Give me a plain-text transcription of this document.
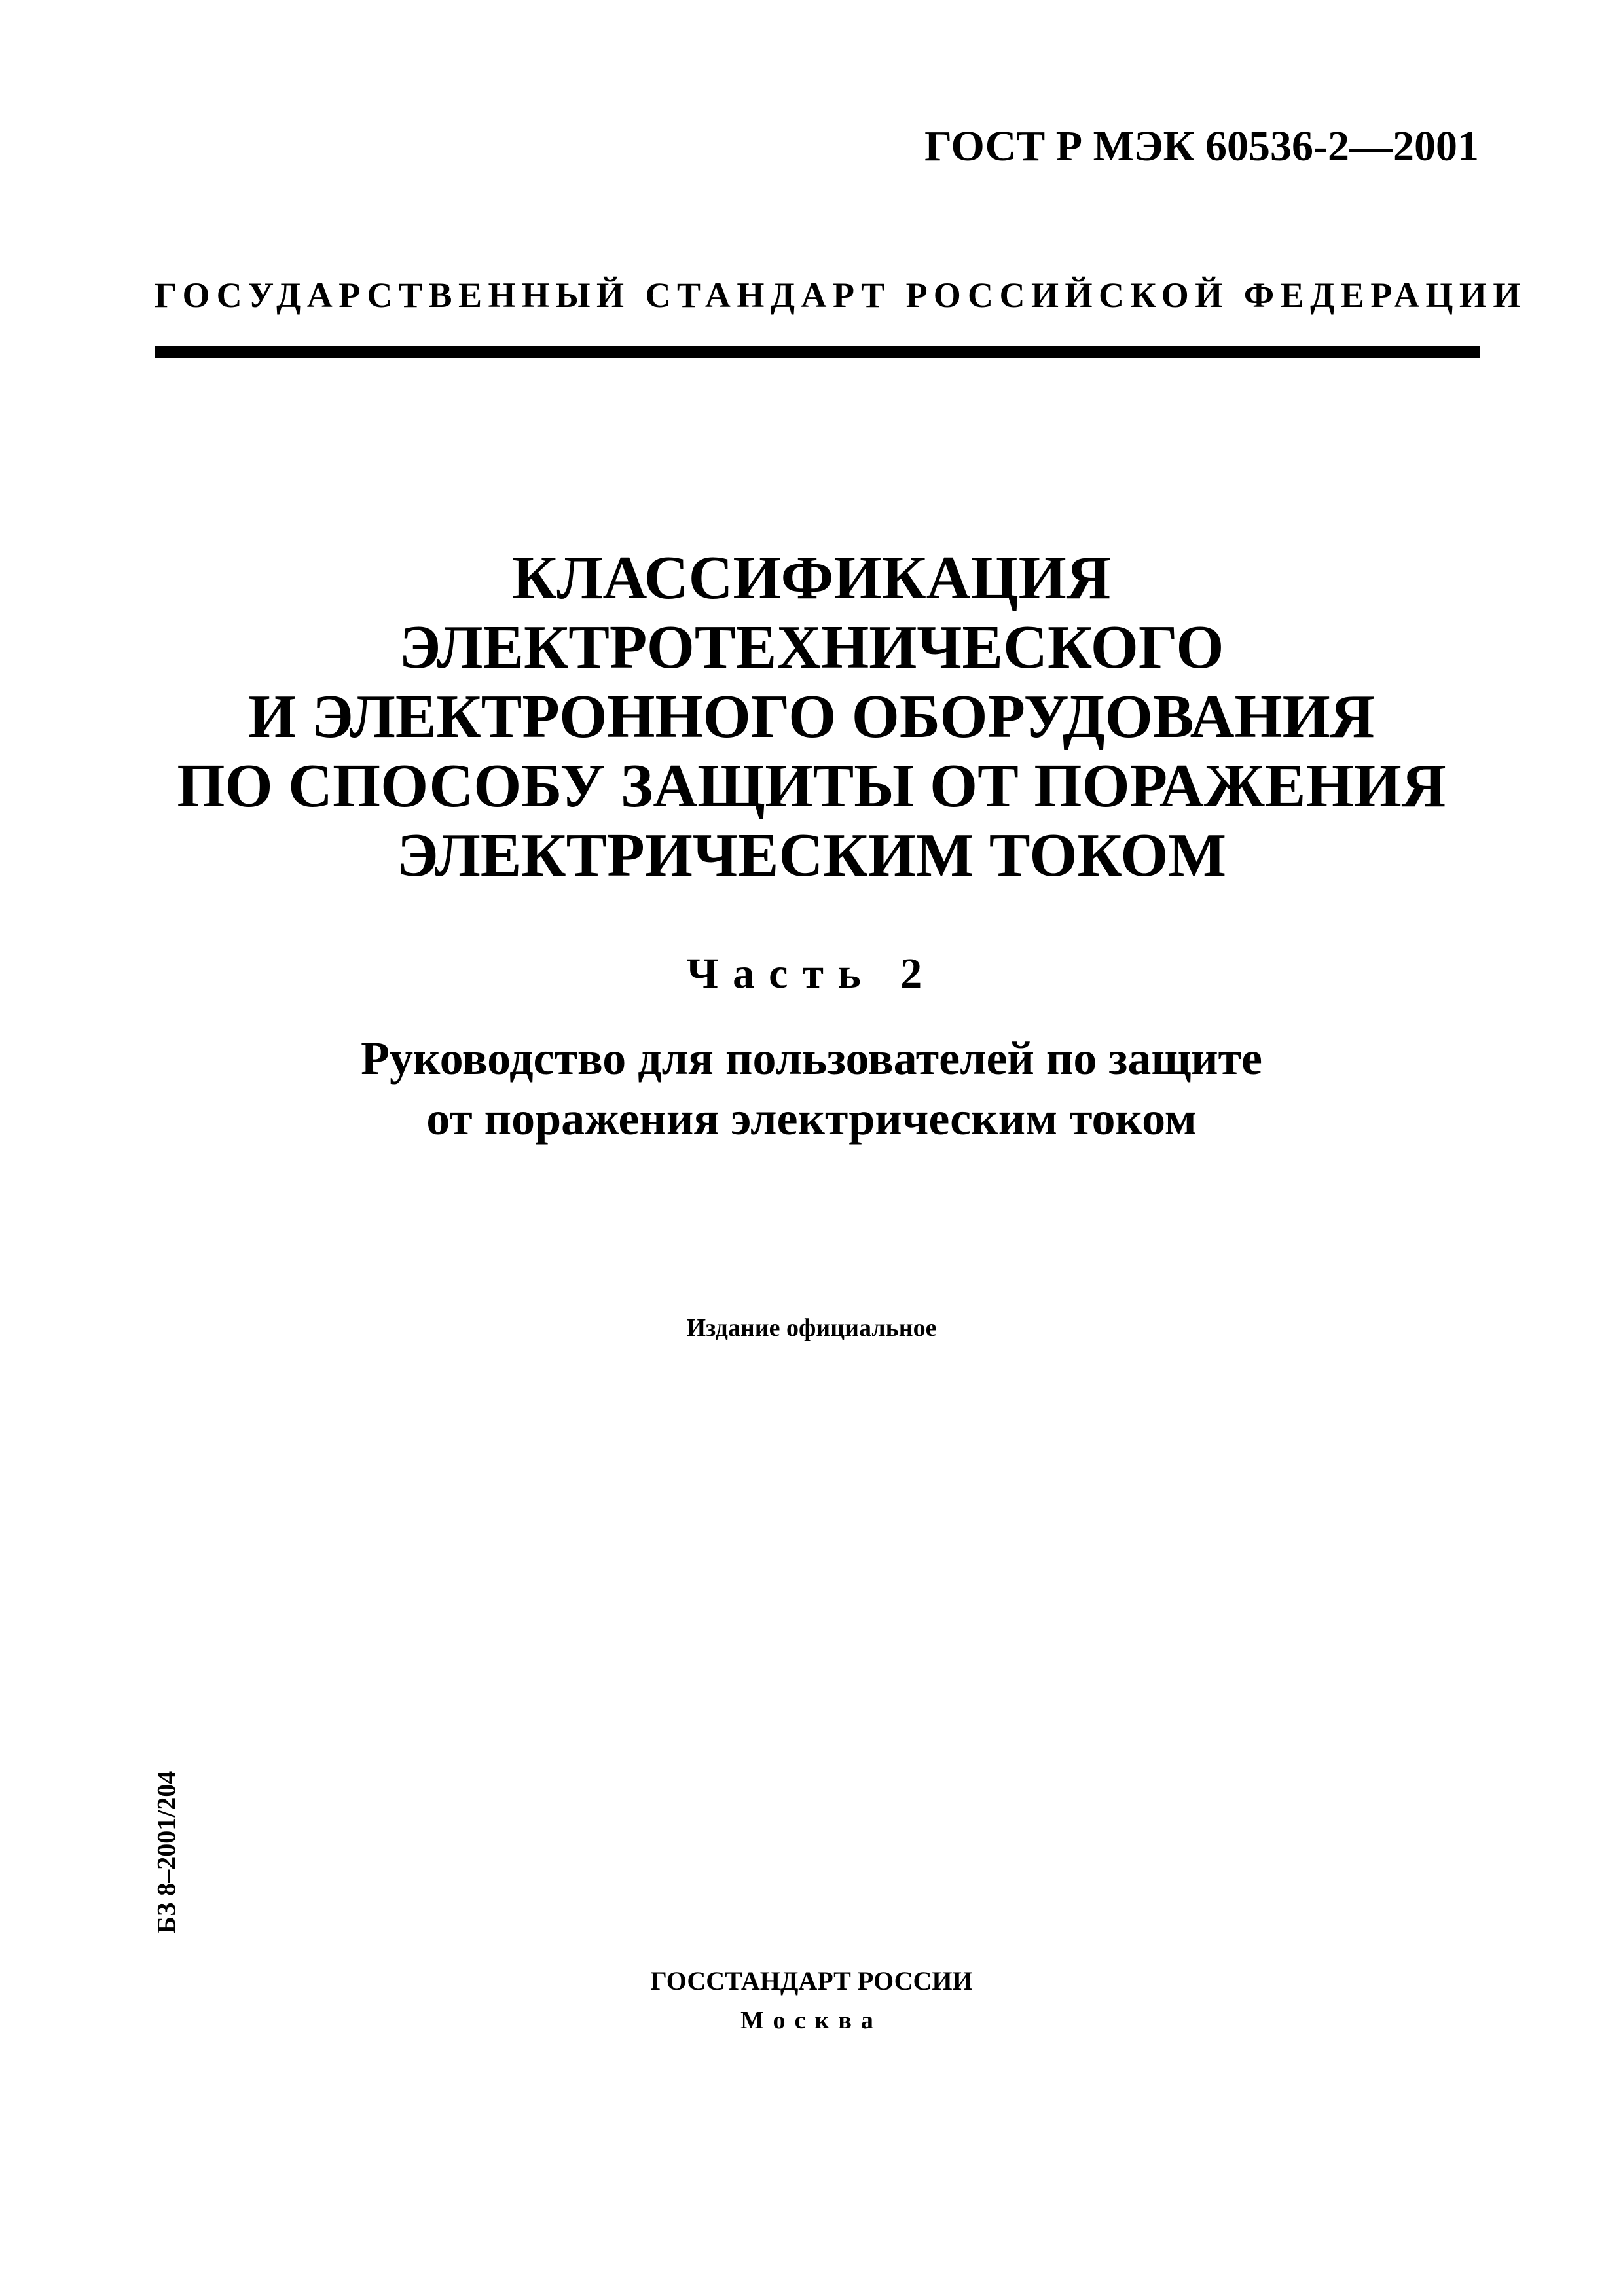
ГОСТ Р МЭК 60536-2—2001
ГОСУДАРСТВЕННЫЙ СТАНДАРТ РОССИЙСКОЙ ФЕДЕРАЦИИ
КЛАССИФИКАЦИЯ
ЭЛЕКТРОТЕХНИЧЕСКОГО
И ЭЛЕКТРОННОГО ОБОРУДОВАНИЯ
ПО СПОСОБУ ЗАЩИТЫ ОТ ПОРАЖЕНИЯ
ЭЛЕКТРИЧЕСКИМ ТОКОМ
Часть 2
Руководство для пользователей по защите
от поражения электрическим током
Издание официальное
БЗ 8–2001/204
ГОССТАНДАРТ РОССИИ
Москва
